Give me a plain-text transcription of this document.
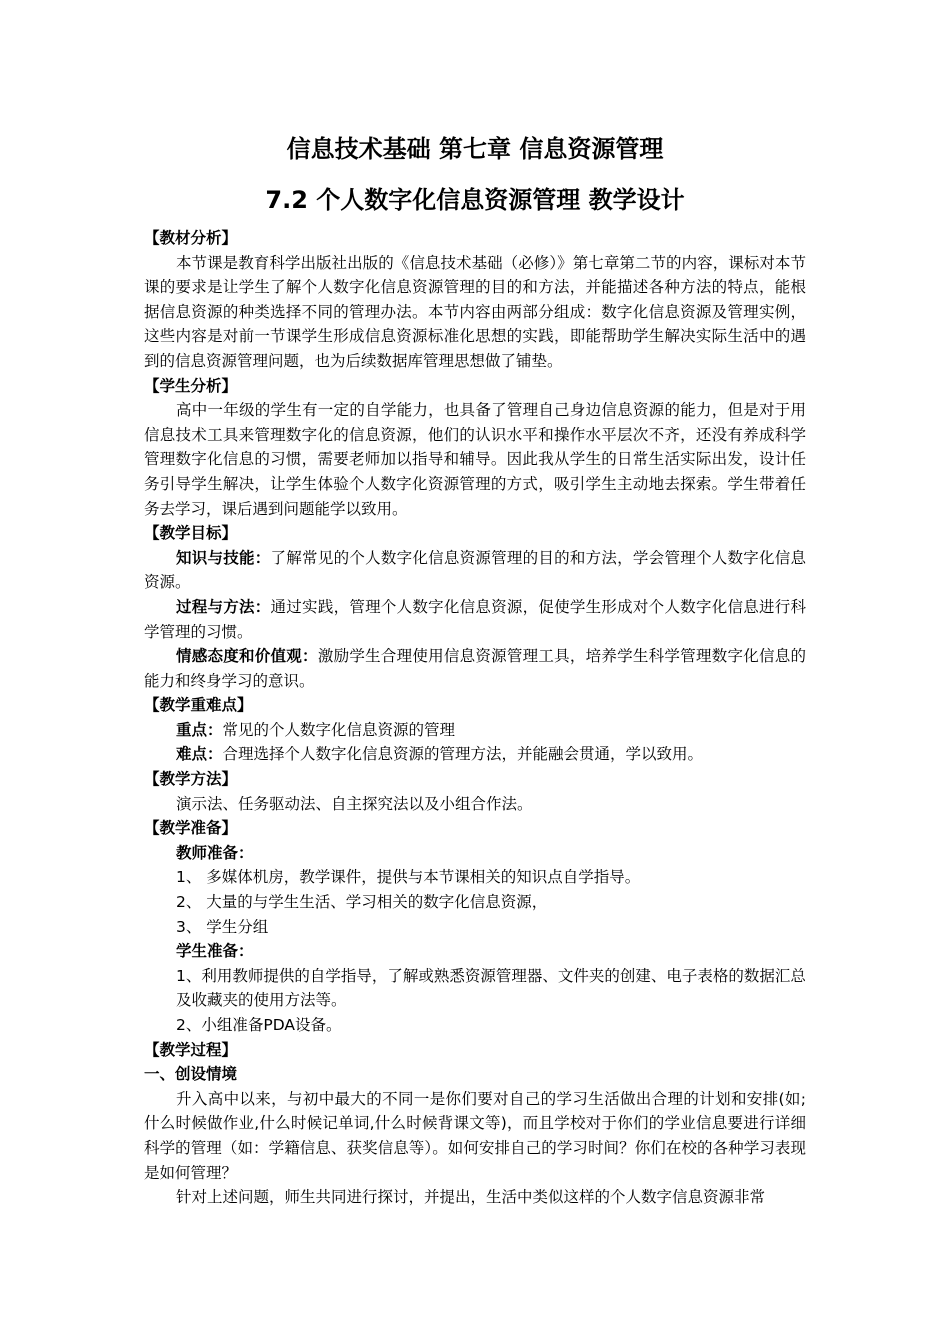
信息技术基础 第七章 信息资源管理
7.2 个人数字化信息资源管理 教学设计

【教材分析】

本节课是教育科学出版社出版的《信息技术基础（必修）》第七章第二节的内容，课标对本节课的要求是让学生了解个人数字化信息资源管理的目的和方法，并能描述各种方法的特点，能根据信息资源的种类选择不同的管理办法。本节内容由两部分组成：数字化信息资源及管理实例，这些内容是对前一节课学生形成信息资源标准化思想的实践，即能帮助学生解决实际生活中的遇到的信息资源管理问题，也为后续数据库管理思想做了铺垫。

【学生分析】

高中一年级的学生有一定的自学能力，也具备了管理自己身边信息资源的能力，但是对于用信息技术工具来管理数字化的信息资源，他们的认识水平和操作水平层次不齐，还没有养成科学管理数字化信息的习惯，需要老师加以指导和辅导。因此我从学生的日常生活实际出发，设计任务引导学生解决，让学生体验个人数字化资源管理的方式，吸引学生主动地去探索。学生带着任务去学习，课后遇到问题能学以致用。

【教学目标】

知识与技能：了解常见的个人数字化信息资源管理的目的和方法，学会管理个人数字化信息资源。

过程与方法：通过实践，管理个人数字化信息资源，促使学生形成对个人数字化信息进行科学管理的习惯。

情感态度和价值观：激励学生合理使用信息资源管理工具，培养学生科学管理数字化信息的能力和终身学习的意识。

【教学重难点】

重点：常见的个人数字化信息资源的管理

难点：合理选择个人数字化信息资源的管理方法，并能融会贯通，学以致用。

【教学方法】

演示法、任务驱动法、自主探究法以及小组合作法。

【教学准备】

教师准备：

1、 多媒体机房，教学课件，提供与本节课相关的知识点自学指导。

2、 大量的与学生生活、学习相关的数字化信息资源，

3、 学生分组

学生准备：

1、利用教师提供的自学指导，了解或熟悉资源管理器、文件夹的创建、电子表格的数据汇总及收藏夹的使用方法等。

2、小组准备PDA设备。

【教学过程】

一、创设情境

升入高中以来，与初中最大的不同一是你们要对自己的学习生活做出合理的计划和安排(如;什么时候做作业,什么时候记单词,什么时候背课文等)，而且学校对于你们的学业信息要进行详细科学的管理（如：学籍信息、获奖信息等）。如何安排自己的学习时间？你们在校的各种学习表现是如何管理？

针对上述问题，师生共同进行探讨，并提出，生活中类似这样的个人数字信息资源非常
